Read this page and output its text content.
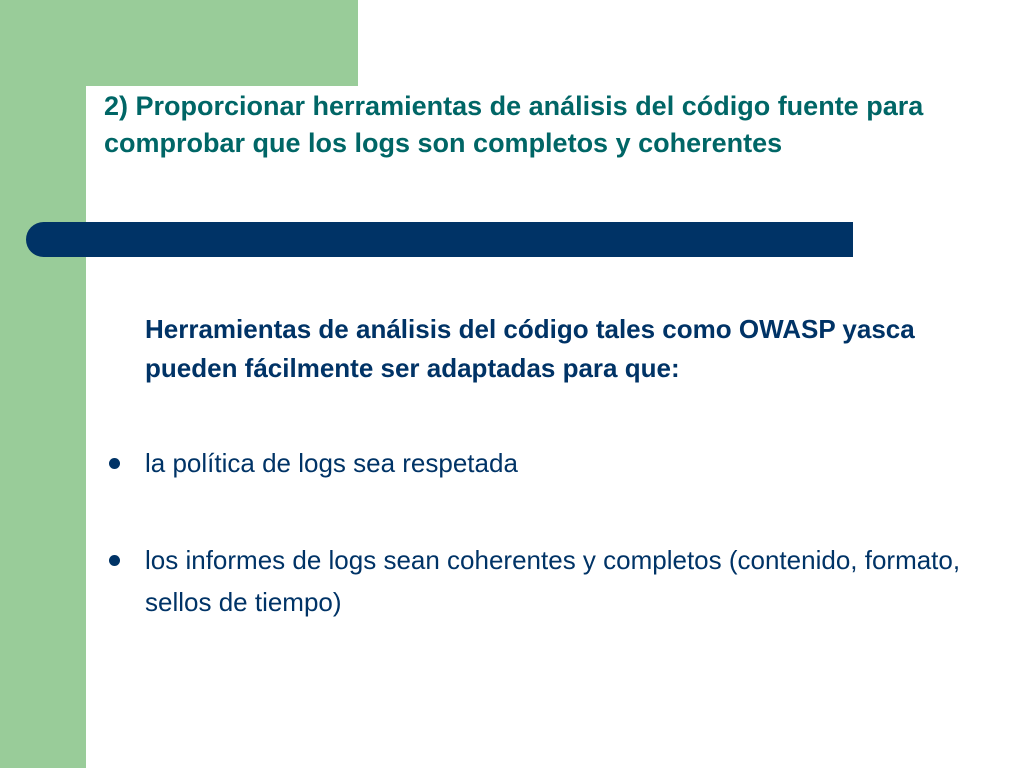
2) Proporcionar herramientas de análisis del código fuente para comprobar que los logs son completos y coherentes

Herramientas de análisis del código tales como OWASP yasca pueden fácilmente ser adaptadas para que:

la política de logs sea respetada
los informes de logs sean coherentes y completos (contenido, formato, sellos de tiempo)
